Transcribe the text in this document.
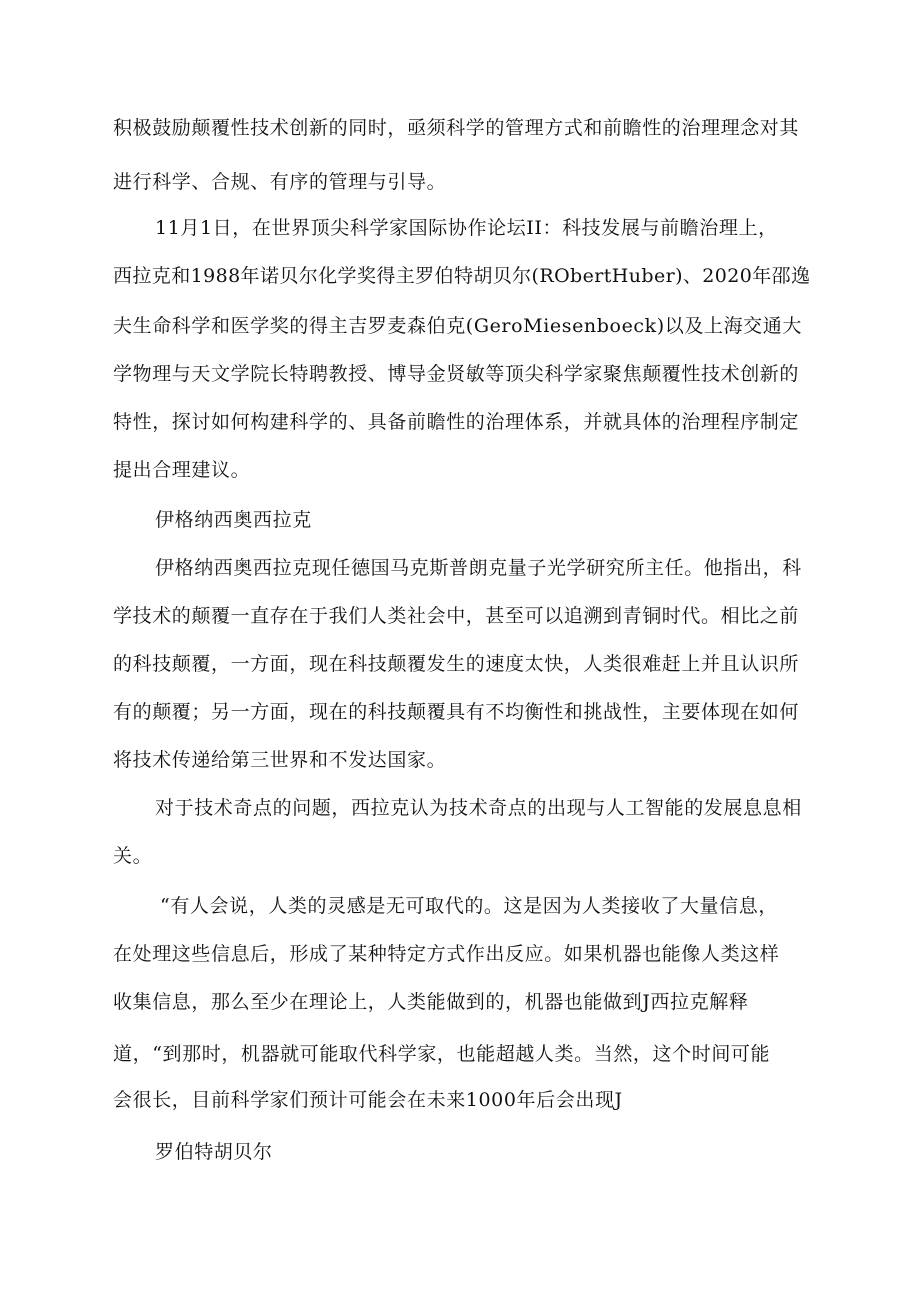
积极鼓励颠覆性技术创新的同时，亟须科学的管理方式和前瞻性的治理理念对其
进行科学、合规、有序的管理与引导。
11月1日，在世界顶尖科学家国际协作论坛II：科技发展与前瞻治理上，
西拉克和1988年诺贝尔化学奖得主罗伯特胡贝尔(RObertHuber)、2020年邵逸
夫生命科学和医学奖的得主吉罗麦森伯克(GeroMiesenboeck)以及上海交通大
学物理与天文学院长特聘教授、博导金贤敏等顶尖科学家聚焦颠覆性技术创新的
特性，探讨如何构建科学的、具备前瞻性的治理体系，并就具体的治理程序制定
提出合理建议。
伊格纳西奥西拉克
伊格纳西奥西拉克现任德国马克斯普朗克量子光学研究所主任。他指出，科
学技术的颠覆一直存在于我们人类社会中，甚至可以追溯到青铜时代。相比之前
的科技颠覆，一方面，现在科技颠覆发生的速度太快，人类很难赶上并且认识所
有的颠覆；另一方面，现在的科技颠覆具有不均衡性和挑战性，主要体现在如何
将技术传递给第三世界和不发达国家。
对于技术奇点的问题，西拉克认为技术奇点的出现与人工智能的发展息息相
关。
“有人会说，人类的灵感是无可取代的。这是因为人类接收了大量信息，
在处理这些信息后，形成了某种特定方式作出反应。如果机器也能像人类这样
收集信息，那么至少在理论上，人类能做到的，机器也能做到J西拉克解释
道，“到那时，机器就可能取代科学家，也能超越人类。当然，这个时间可能
会很长，目前科学家们预计可能会在未来1000年后会出现J
罗伯特胡贝尔
